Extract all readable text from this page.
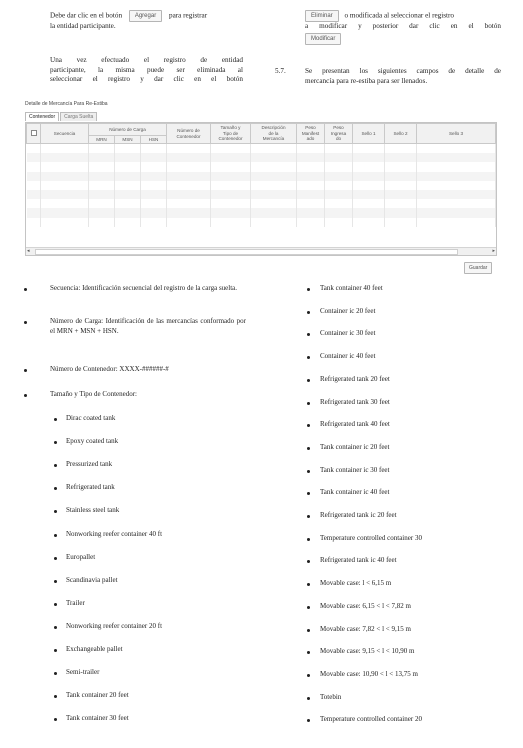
Debe dar clic en el botón Agregar para registrar
la entidad participante.
Una vez efectuado el registro de entidad
participante, la misma puede ser eliminada al
seleccionar el registro y dar clic en el botón
Eliminar o modificada al seleccionar el registro
a modificar y posterior dar clic en el botón
Modificar
5.7.	Se presentan los siguientes campos de detalle de
mercancía para re-estiba para ser llenados.
Detalle de Mercancía Para Re-Estiba
Contenedor	Carga Suelta
	Secuencia	Número de Carga			Número de
Contenedor	Tamaño y
Tipo de
Contenedor	Descripción
de la
Mercancía	Peso
Manifest
ado	Peso
Ingresa
do	Sello 1	Sello 2	Sello 3
		MRN	MSN	HSN								

◂	▸
Guardar
Secuencia: Identificación secuencial del registro de la carga suelta.
Número de Carga: Identificación de las mercancías conformado por el MRN + MSN + HSN.
Número de Contenedor: XXXX-######-#
Tamaño y Tipo de Contenedor:
Dirac coated tank
Epoxy coated tank
Pressurized tank
Refrigerated tank
Stainless steel tank
Nonworking reefer container 40 ft
Europallet
Scandinavia pallet
Trailer
Nonworking reefer container 20 ft
Exchangeable pallet
Semi-trailer
Tank container 20 feet
Tank container 30 feet
Tank container 40 feet
Container ic 20 feet
Container ic 30 feet
Container ic 40 feet
Refrigerated tank 20 feet
Refrigerated tank 30 feet
Refrigerated tank 40 feet
Tank container ic 20 feet
Tank container ic 30 feet
Tank container ic 40 feet
Refrigerated tank ic 20 feet
Temperature controlled container 30
Refrigerated tank ic 40 feet
Movable case: l < 6,15 m
Movable case: 6,15 < l < 7,82 m
Movable case: 7,82 < l < 9,15 m
Movable case: 9,15 < l < 10,90 m
Movable case: 10,90 < l < 13,75 m
Totebin
Temperature controlled container 20
